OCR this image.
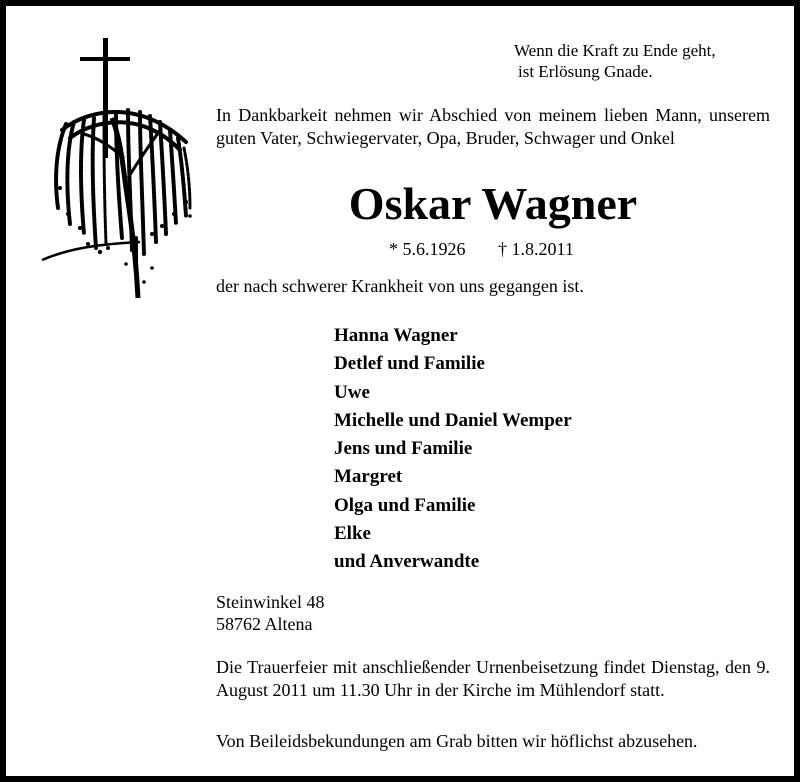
Wenn die Kraft zu Ende geht,
ist Erlösung Gnade.
In Dankbarkeit nehmen wir Abschied von meinem lieben Mann, unserem guten Vater, Schwiegervater, Opa, Bruder, Schwager und Onkel
Oskar Wagner
* 5.6.1926 † 1.8.2011
der nach schwerer Krankheit von uns gegangen ist.
Hanna Wagner
Detlef und Familie
Uwe
Michelle und Daniel Wemper
Jens und Familie
Margret
Olga und Familie
Elke
und Anverwandte
Steinwinkel 48
58762 Altena
Die Trauerfeier mit anschließender Urnenbeisetzung findet Dienstag, den 9. August 2011 um 11.30 Uhr in der Kirche im Mühlendorf statt.
Von Beileidsbekundungen am Grab bitten wir höflichst abzusehen.
